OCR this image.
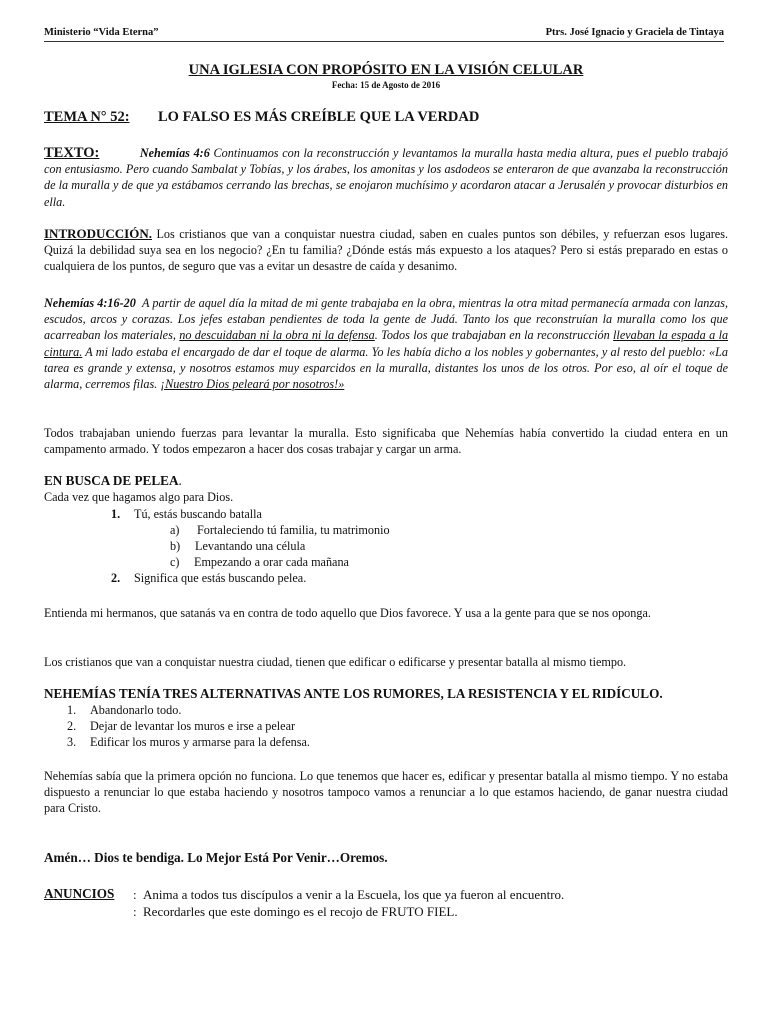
Ministerio “Vida Eterna”	Ptrs. José Ignacio y Graciela de Tintaya
UNA IGLESIA CON PROPÓSITO EN LA VISIÓN CELULAR
Fecha: 15 de Agosto de 2016
TEMA N° 52: LO FALSO ES MÁS CREÍBLE QUE LA VERDAD
TEXTO:	Nehemías 4:6 Continuamos con la reconstrucción y levantamos la muralla hasta media altura, pues el pueblo trabajó con entusiasmo. Pero cuando Sambalat y Tobías, y los árabes, los amonitas y los asdodeos se enteraron de que avanzaba la reconstrucción de la muralla y de que ya estábamos cerrando las brechas, se enojaron muchísimo y acordaron atacar a Jerusalén y provocar disturbios en ella.
INTRODUCCIÓN. Los cristianos que van a conquistar nuestra ciudad, saben en cuales puntos son débiles, y refuerzan esos lugares. Quizá la debilidad suya sea en los negocio? ¿En tu familia? ¿Dónde estás más expuesto a los ataques? Pero si estás preparado en estas o cualquiera de los puntos, de seguro que vas a evitar un desastre de caída y desanimo.
Nehemías 4:16-20 A partir de aquel día la mitad de mi gente trabajaba en la obra, mientras la otra mitad permanecía armada con lanzas, escudos, arcos y corazas. Los jefes estaban pendientes de toda la gente de Judá. Tanto los que reconstruían la muralla como los que acarreaban los materiales, no descuidaban ni la obra ni la defensa. Todos los que trabajaban en la reconstrucción llevaban la espada a la cintura. A mi lado estaba el encargado de dar el toque de alarma. Yo les había dicho a los nobles y gobernantes, y al resto del pueblo: «La tarea es grande y extensa, y nosotros estamos muy esparcidos en la muralla, distantes los unos de los otros. Por eso, al oír el toque de alarma, cerremos filas. ¡Nuestro Dios peleará por nosotros!»
Todos trabajaban uniendo fuerzas para levantar la muralla. Esto significaba que Nehemías había convertido la ciudad entera en un campamento armado. Y todos empezaron a hacer dos cosas trabajar y cargar un arma.
EN BUSCA DE PELEA.
Cada vez que hagamos algo para Dios.
1. Tú, estás buscando batalla
a) Fortaleciendo tú familia, tu matrimonio
b) Levantando una célula
c) Empezando a orar cada mañana
2. Significa que estás buscando pelea.
Entienda mi hermanos, que satanás va en contra de todo aquello que Dios favorece. Y usa a la gente para que se nos oponga.
Los cristianos que van a conquistar nuestra ciudad, tienen que edificar o edificarse y presentar batalla al mismo tiempo.
NEHEMÍAS TENÍA TRES ALTERNATIVAS ANTE LOS RUMORES, LA RESISTENCIA Y EL RIDÍCULO.
1. Abandonarlo todo.
2. Dejar de levantar los muros e irse a pelear
3. Edificar los muros y armarse para la defensa.
Nehemías sabía que la primera opción no funciona. Lo que tenemos que hacer es, edificar y presentar batalla al mismo tiempo. Y no estaba dispuesto a renunciar lo que estaba haciendo y nosotros tampoco vamos a renunciar a lo que estamos haciendo, de ganar nuestra ciudad para Cristo.
Amén… Dios te bendiga. Lo Mejor Está Por Venir…Oremos.
ANUNCIOS : Anima a todos tus discípulos a venir a la Escuela, los que ya fueron al encuentro.
: Recordarles que este domingo es el recojo de FRUTO FIEL.
